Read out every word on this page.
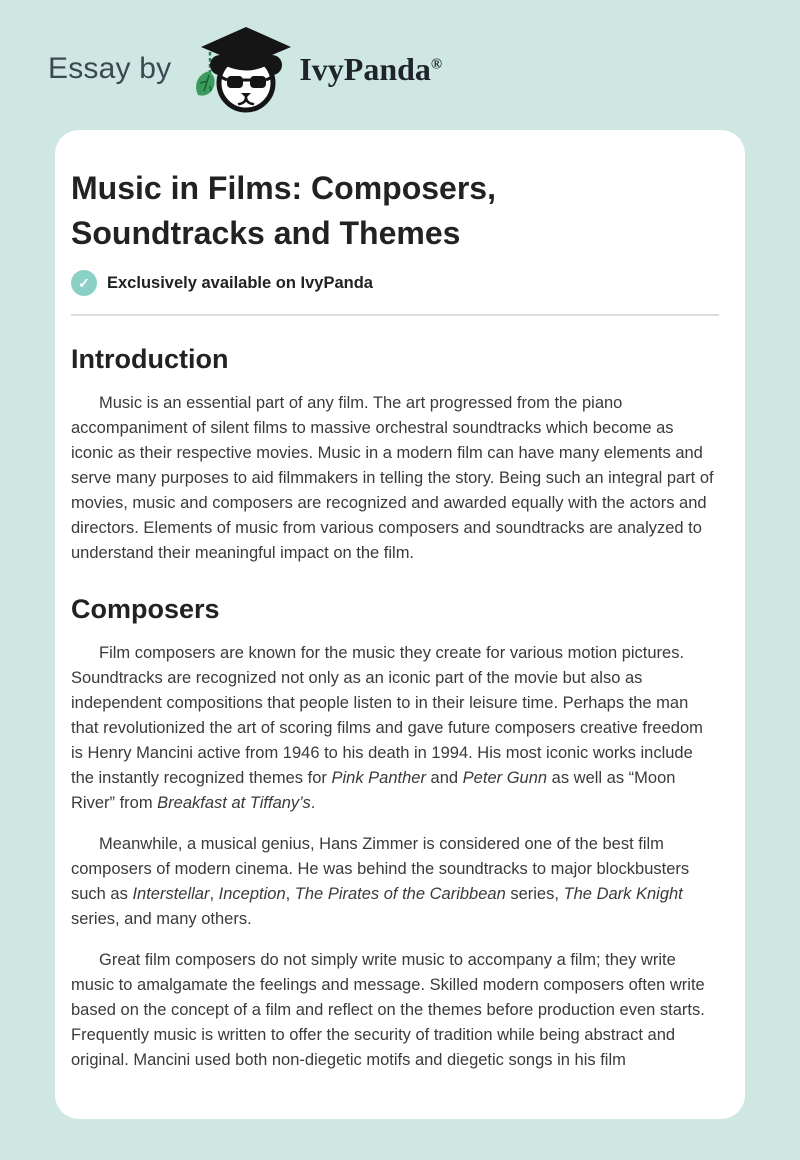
Essay by	IvyPanda®
Music in Films: Composers, Soundtracks and Themes
✓	Exclusively available on IvyPanda
Introduction

Music is an essential part of any film. The art progressed from the piano accompaniment of silent films to massive orchestral soundtracks which become as iconic as their respective movies. Music in a modern film can have many elements and serve many purposes to aid filmmakers in telling the story. Being such an integral part of movies, music and composers are recognized and awarded equally with the actors and directors. Elements of music from various composers and soundtracks are analyzed to understand their meaningful impact on the film.

Composers

Film composers are known for the music they create for various motion pictures. Soundtracks are recognized not only as an iconic part of the movie but also as independent compositions that people listen to in their leisure time. Perhaps the man that revolutionized the art of scoring films and gave future composers creative freedom is Henry Mancini active from 1946 to his death in 1994. His most iconic works include the instantly recognized themes for Pink Panther and Peter Gunn as well as “Moon River” from Breakfast at Tiffany’s.

Meanwhile, a musical genius, Hans Zimmer is considered one of the best film composers of modern cinema. He was behind the soundtracks to major blockbusters such as Interstellar, Inception, The Pirates of the Caribbean series, The Dark Knight series, and many others.

Great film composers do not simply write music to accompany a film; they write music to amalgamate the feelings and message. Skilled modern composers often write based on the concept of a film and reflect on the themes before production even starts. Frequently music is written to offer the security of tradition while being abstract and original. Mancini used both non-diegetic motifs and diegetic songs in his film
